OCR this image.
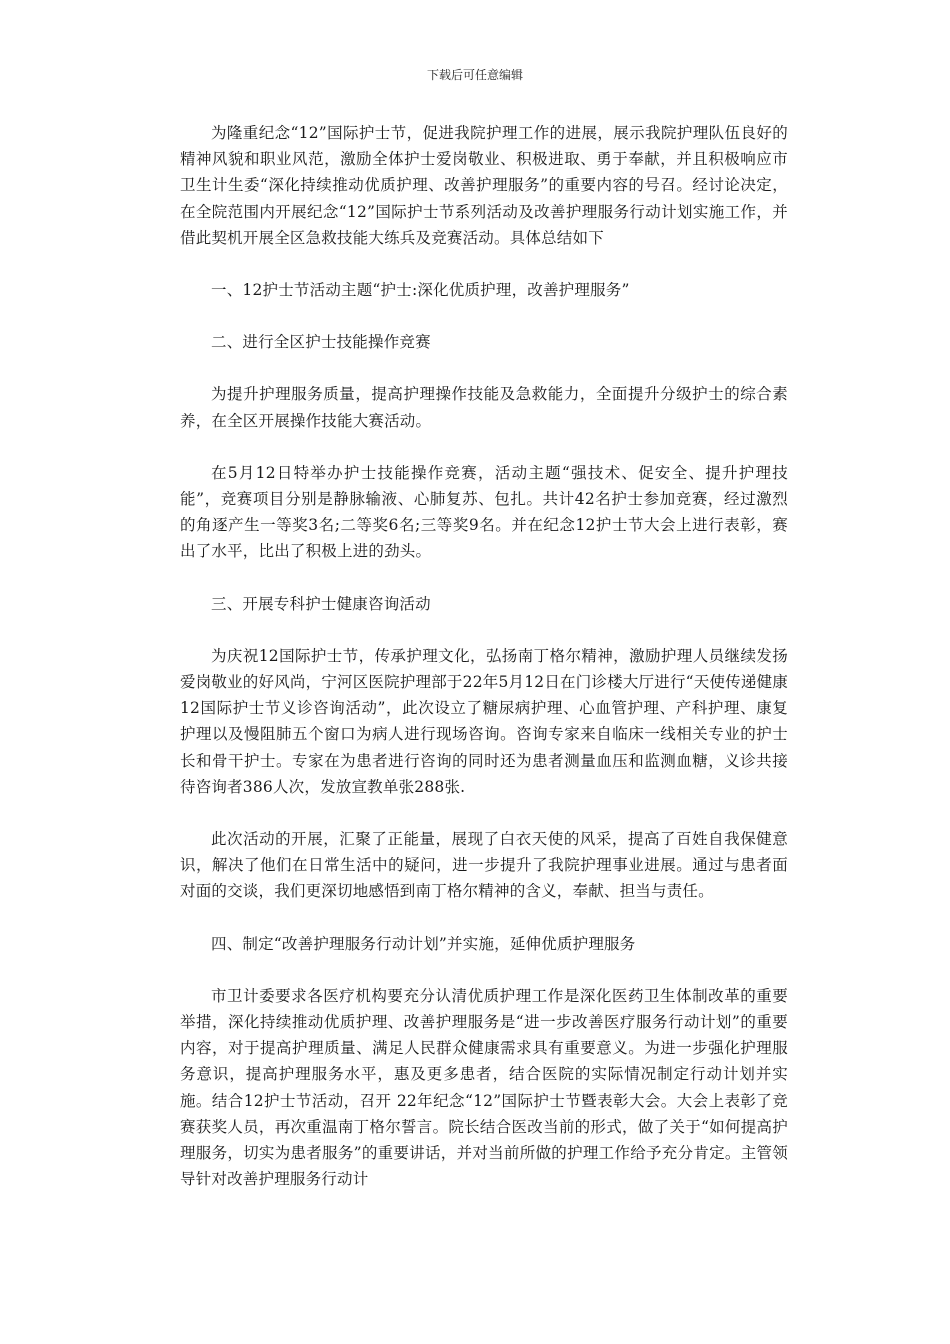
下载后可任意编辑

为隆重纪念“12”国际护士节，促进我院护理工作的进展，展示我院护理队伍良好的精神风貌和职业风范，激励全体护士爱岗敬业、积极进取、勇于奉献，并且积极响应市卫生计生委“深化持续推动优质护理、改善护理服务”的重要内容的号召。经讨论决定，在全院范围内开展纪念“12”国际护士节系列活动及改善护理服务行动计划实施工作，并借此契机开展全区急救技能大练兵及竞赛活动。具体总结如下

一、12护士节活动主题“护士:深化优质护理，改善护理服务”

二、进行全区护士技能操作竞赛

为提升护理服务质量，提高护理操作技能及急救能力，全面提升分级护士的综合素养，在全区开展操作技能大赛活动。

在5月12日特举办护士技能操作竞赛，活动主题“强技术、促安全、提升护理技能”，竞赛项目分别是静脉输液、心肺复苏、包扎。共计42名护士参加竞赛，经过激烈的角逐产生一等奖3名;二等奖6名;三等奖9名。并在纪念12护士节大会上进行表彰，赛出了水平，比出了积极上进的劲头。

三、开展专科护士健康咨询活动

为庆祝12国际护士节，传承护理文化，弘扬南丁格尔精神，激励护理人员继续发扬爱岗敬业的好风尚，宁河区医院护理部于22年5月12日在门诊楼大厅进行“天使传递健康12国际护士节义诊咨询活动”，此次设立了糖尿病护理、心血管护理、产科护理、康复护理以及慢阻肺五个窗口为病人进行现场咨询。咨询专家来自临床一线相关专业的护士长和骨干护士。专家在为患者进行咨询的同时还为患者测量血压和监测血糖，义诊共接待咨询者386人次，发放宣教单张288张.

此次活动的开展，汇聚了正能量，展现了白衣天使的风采，提高了百姓自我保健意识，解决了他们在日常生活中的疑问，进一步提升了我院护理事业进展。通过与患者面对面的交谈，我们更深切地感悟到南丁格尔精神的含义，奉献、担当与责任。

四、制定“改善护理服务行动计划”并实施，延伸优质护理服务

市卫计委要求各医疗机构要充分认清优质护理工作是深化医药卫生体制改革的重要举措，深化持续推动优质护理、改善护理服务是“进一步改善医疗服务行动计划”的重要内容，对于提高护理质量、满足人民群众健康需求具有重要意义。为进一步强化护理服务意识，提高护理服务水平，惠及更多患者，结合医院的实际情况制定行动计划并实施。结合12护士节活动，召开 22年纪念“12”国际护士节暨表彰大会。大会上表彰了竞赛获奖人员，再次重温南丁格尔誓言。院长结合医改当前的形式，做了关于“如何提高护理服务，切实为患者服务”的重要讲话，并对当前所做的护理工作给予充分肯定。主管领导针对改善护理服务行动计
